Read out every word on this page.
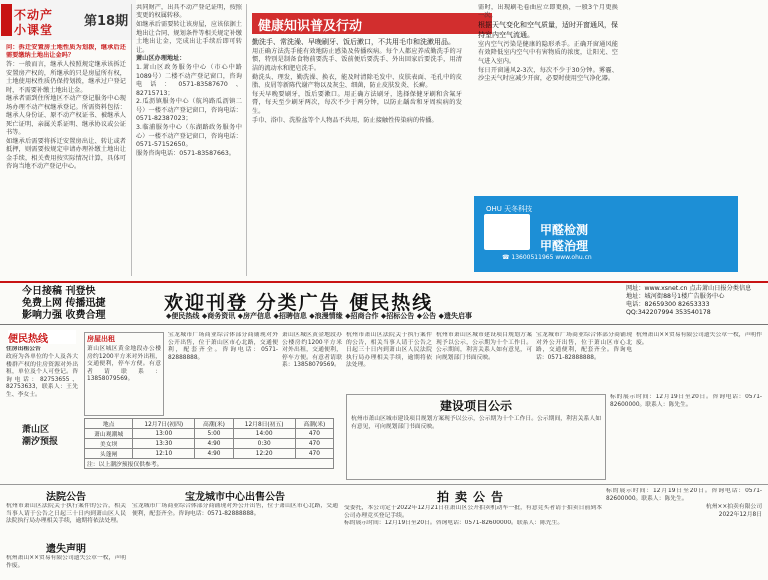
不动产
小课堂
第18期

问：拆迁安置房土地性质为划拨，继承后还需要缴纳土地出让金吗？

答：一般而言，继承人按照规定继承该拆迁安置房产权的，所继承的只是房屋所有权，土地使用权性质仍保持划拨，继承过户登记时，不需要补缴土地出让金。

继承者需到住所地区不动产登记服务中心现场办理不动产权继承登记。所需资料包括：继承人身份证、原不动产权证书、被继承人死亡证明、亲属关系证明、继承协议或公证书等。

如继承后需要将拆迁安置房出让、转让或者抵押，则需要按规定申请办理补缴土地出让金手续，相关费用按实际情况计算，具体可咨询当地不动产登记中心。

共同财产，出具不动产登记证明，按照变更的权属转移。

如继承后需要转让该房屋，应该依据土地出让合同、规划条件等相关规定补缴土地出让金，完成出让手续后即可转让。

萧山区办理地址：

1.萧山区政务服务中心（市心中路1089号）二楼不动产登记窗口，咨询电话：0571-83587670、82715713；

2.瓜沥镇服务中心（航坞路瓜沥镇二号）一楼不动产登记窗口，咨询电话：0571-82387023；

3.临浦服务中心（东湖路政务服务中心）一楼不动产登记窗口，咨询电话：0571-57152650。

服务咨询电话：0571-83587663。

健康知识普及行动

勤洗手、常洗澡、早晚刷牙、饭后漱口，不共用毛巾和洗漱用品。

用正确方法洗手能有效地防止感染及传播疾病。每个人都应养成勤洗手的习惯，特别是制备食物前要洗手、饭前便后要洗手、外出回家后要洗手，用清洁的流动水和肥皂洗手。

勤洗头、理发，勤洗澡、换衣，能及时清除毛发中、皮肤表面、毛孔中的皮脂、皮屑等新陈代谢产物以及灰尘、细菌，防止皮肤发炎、长癣。

每天早晚要刷牙，饭后要漱口。用正确方法刷牙，选择保健牙刷和含氟牙膏，每天至少刷牙两次，每次不少于两分钟，以防止龋齿和牙周疾病的发生。

手巾、浴巾、洗脸盆等个人物品不共用，防止接触性传染病的传播。

需时，出现刷毛卷曲应立即更换，一般3个月更换一次。

根据天气变化和空气质量，适时开窗通风，保持室内空气流通。

室内空气污染是健康的隐形杀手。正确开窗通风能有效降低室内空气中有害物质的浓度，让阳光、空气进入室内。

每日开窗通风2-3次，每次不少于30分钟。雾霾、沙尘天气时应减少开窗，必要时使用空气净化器。

OHU 天冬科技
甲醛检测
甲醛治理
☎ 13600511965 www.ohu.cn
今日接稿 刊登快
免费上网 传播迅捷
影响力强 收费合理
欢迎刊登 分类广告 便民热线
◆便民热线 ◆商务资讯 ◆房产信息 ◆招聘信息 ◆浪漫情缘 ◆招商合作 ◆招标公告 ◆公告 ◆遗失启事
网址：www.xsnet.cn 点击萧山日报分类信息
地址：城河街88号1楼广告服务中心
电话：82659300 82653333
QQ:342207994 353540178
便民热线

住房出租公告

政府为各单位的个人及各大楼群产权的住房资源对外出租，单位及个人可登记。咨询电话：82753655、82753633，联系人：王先生、李女士。

萧山区
潮汐预报
地点	12月7日(初四)	高潮(米)	12月8日(初五)	高潮(米)
萧山观潮城	13:00	5:00	14:00	470
美女坝	13:30	4:90	0:30	470
头蓬闸	12:10	4:90	12:20	470
注：以上潮汐预报仅供参考。				
房屋出租
萧山区城区黄金地段办公楼房约1200平方米对外出租，交通便利，停车方便。有意者请联系：13858079569。
宝龙城市广场商业综合体部分商铺现对外公开出售，位于萧山区市心北路，交通便利，配套齐全。咨询电话：0571-82888888。
萧山区城区黄金地段办公楼房约1200平方米对外出租，交通便利，停车方便。有意者请联系：13858079569。
杭州市萧山区法院关于执行案件的公告，相关当事人请于公告之日起三十日内到萧山区人民法院执行局办理相关手续，逾期将依法处理。
杭州市萧山区城市建设项目规划方案现予以公示，公示期为十个工作日。公示期间，利害关系人如有意见，可向规划部门书面反映。
宝龙城市广场商业综合体部分商铺现对外公开出售，位于萧山区市心北路，交通便利，配套齐全。咨询电话：0571-82888888。
杭州萧山××贸易有限公司遗失公章一枚，声明作废。
建设项目公示
杭州市萧山区城市建设项目规划方案现予以公示，公示期为十个工作日。公示期间，利害关系人如有意见，可向规划部门书面反映。
标的展示时间：12月19日至20日。咨询电话：0571-82600000。联系人：陈先生。
法院公告
杭州市萧山区法院关于执行案件的公告，相关当事人请于公告之日起三十日内到萧山区人民法院执行局办理相关手续，逾期将依法处理。
遗失声明
杭州萧山××贸易有限公司遗失公章一枚，声明作废。
宝龙城市中心出售公告
宝龙城市广场商业综合体部分商铺现对外公开出售，位于萧山区市心北路，交通便利，配套齐全。咨询电话：0571-82888888。
拍卖公告
受委托，本公司定于2022年12月21日在萧山区公开拍卖机动车一批，有意竞买者请于拍卖日前到本公司办理竞买登记手续。
标的展示时间：12月19日至20日。咨询电话：0571-82600000。联系人：陈先生。

标的展示时间：12月19日至20日。咨询电话：0571-82600000。联系人：陈先生。

杭州××拍卖有限公司

2022年12月8日
